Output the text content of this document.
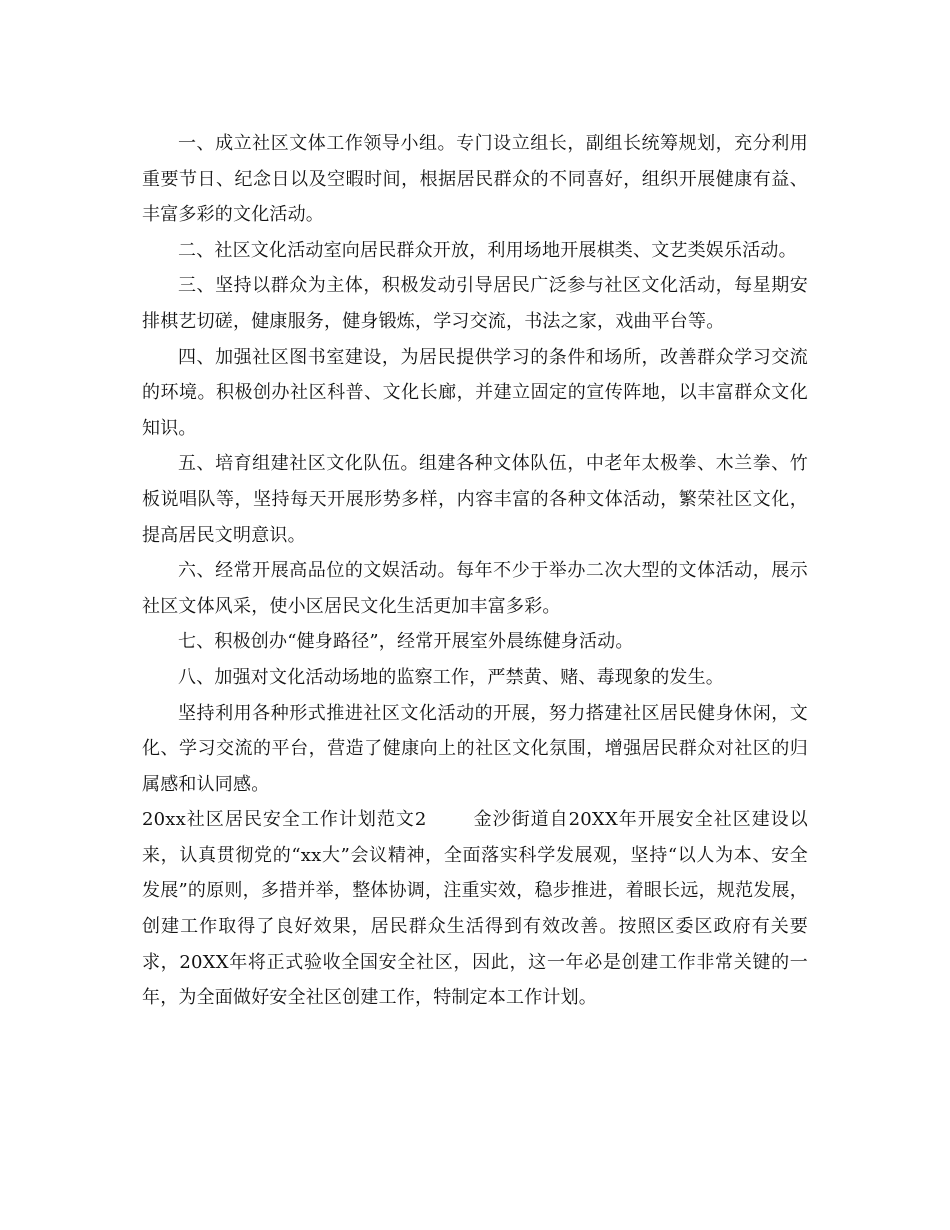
一、成立社区文体工作领导小组。专门设立组长，副组长统筹规划，充分利用重要节日、纪念日以及空暇时间，根据居民群众的不同喜好，组织开展健康有益、丰富多彩的文化活动。

二、社区文化活动室向居民群众开放，利用场地开展棋类、文艺类娱乐活动。

三、坚持以群众为主体，积极发动引导居民广泛参与社区文化活动，每星期安排棋艺切磋，健康服务，健身锻炼，学习交流，书法之家，戏曲平台等。

四、加强社区图书室建设，为居民提供学习的条件和场所，改善群众学习交流的环境。积极创办社区科普、文化长廊，并建立固定的宣传阵地，以丰富群众文化知识。

五、培育组建社区文化队伍。组建各种文体队伍，中老年太极拳、木兰拳、竹板说唱队等，坚持每天开展形势多样，内容丰富的各种文体活动，繁荣社区文化，提高居民文明意识。

六、经常开展高品位的文娱活动。每年不少于举办二次大型的文体活动，展示社区文体风采，使小区居民文化生活更加丰富多彩。

七、积极创办“健身路径”，经常开展室外晨练健身活动。

八、加强对文化活动场地的监察工作，严禁黄、赌、毒现象的发生。

坚持利用各种形式推进社区文化活动的开展，努力搭建社区居民健身休闲，文化、学习交流的平台，营造了健康向上的社区文化氛围，增强居民群众对社区的归属感和认同感。

20xx社区居民安全工作计划范文2	金沙街道自20XX年开展安全社区建设以来，认真贯彻党的“xx大”会议精神，全面落实科学发展观，坚持“以人为本、安全发展”的原则，多措并举，整体协调，注重实效，稳步推进，着眼长远，规范发展，创建工作取得了良好效果，居民群众生活得到有效改善。按照区委区政府有关要求，20XX年将正式验收全国安全社区，因此，这一年必是创建工作非常关键的一年，为全面做好安全社区创建工作，特制定本工作计划。
